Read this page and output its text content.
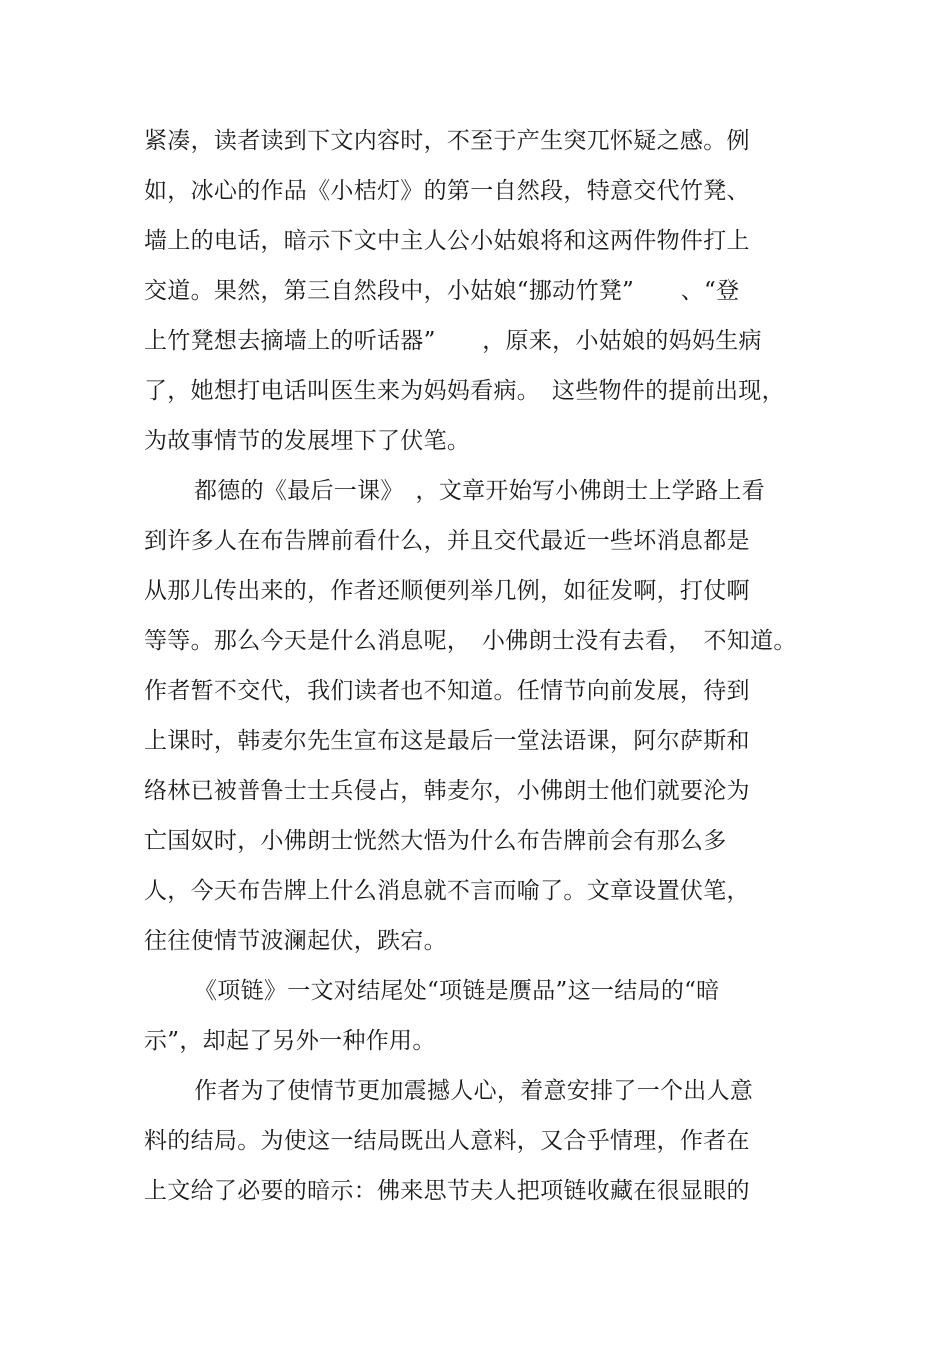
紧凑，读者读到下文内容时，不至于产生突兀怀疑之感。例

如，冰心的作品《小桔灯》的第一自然段，特意交代竹凳、

墙上的电话，暗示下文中主人公小姑娘将和这两件物件打上

交道。果然，第三自然段中，小姑娘“挪动竹凳”　　、“登

上竹凳想去摘墙上的听话器”　　，原来，小姑娘的妈妈生病

了，她想打电话叫医生来为妈妈看病。　这些物件的提前出现，

为故事情节的发展埋下了伏笔。

都德的《最后一课》　，文章开始写小佛朗士上学路上看

到许多人在布告牌前看什么，并且交代最近一些坏消息都是

从那儿传出来的，作者还顺便列举几例，如征发啊，打仗啊

等等。那么今天是什么消息呢，　小佛朗士没有去看，　不知道。

作者暂不交代，我们读者也不知道。任情节向前发展，待到

上课时，韩麦尔先生宣布这是最后一堂法语课，阿尔萨斯和

络林已被普鲁士士兵侵占，韩麦尔，小佛朗士他们就要沦为

亡国奴时，小佛朗士恍然大悟为什么布告牌前会有那么多

人，今天布告牌上什么消息就不言而喻了。文章设置伏笔，

往往使情节波澜起伏，跌宕。

《项链》一文对结尾处“项链是赝品”这一结局的“暗

示”，却起了另外一种作用。

作者为了使情节更加震撼人心，着意安排了一个出人意

料的结局。为使这一结局既出人意料，又合乎情理，作者在

上文给了必要的暗示：佛来思节夫人把项链收藏在很显眼的
